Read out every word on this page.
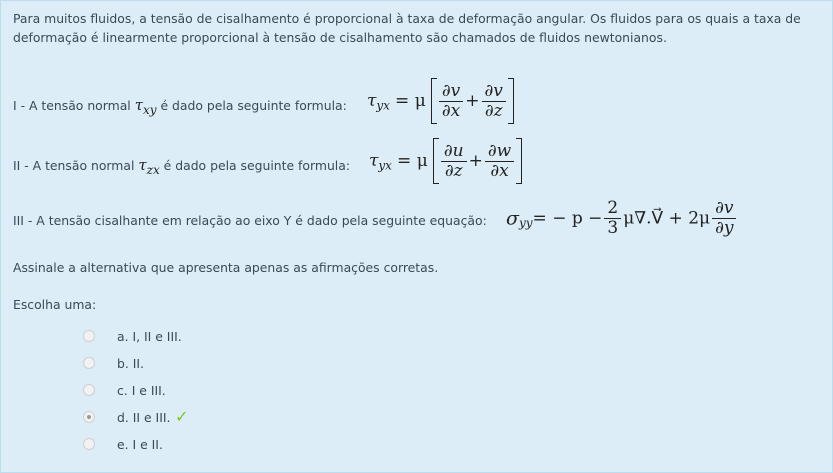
Para muitos fluidos, a tensão de cisalhamento é proporcional à taxa de deformação angular. Os fluidos para os quais a taxa de deformação é linearmente proporcional à tensão de cisalhamento são chamados de fluidos newtonianos.
I - A tensão normal τxy é dado pela seguinte formula: $\tau_{yx} = \mu \frac{\partial v}{\partial x} + \frac{\partial v}{\partial z}$
II - A tensão normal τzx é dado pela seguinte formula: $\tau_{yx} = \mu \frac{\partial u}{\partial z} + \frac{\partial w}{\partial x}$
III - A tensão cisalhante em relação ao eixo Y é dado pela seguinte equação: $\sigma_{yy}= - p - \frac{2}{3}$ μ∇.V⃗ + $2\mu \frac{\partial v}{\partial y}$
Assinale a alternativa que apresenta apenas as afirmações corretas.
Escolha uma:
a. I, II e III.
b. II.
c. I e III.
d. II e III. ✓
e. I e II.
